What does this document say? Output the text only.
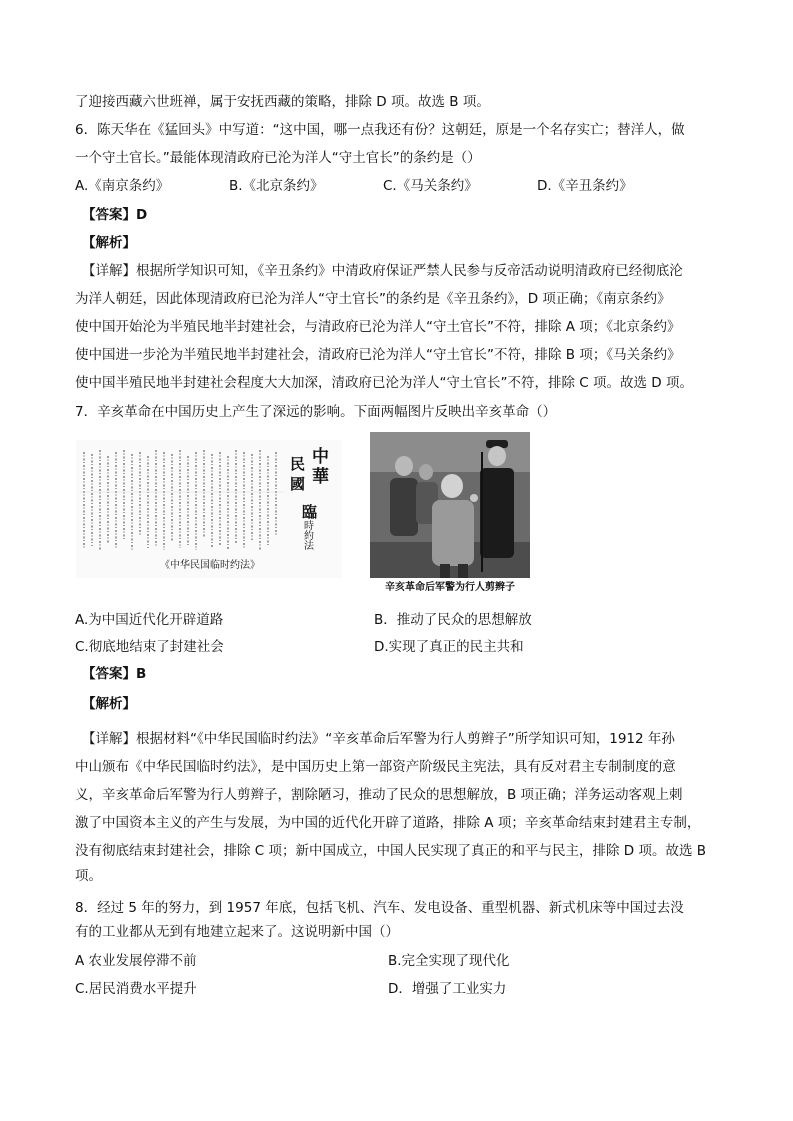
了迎接西藏六世班禅，属于安抚西藏的策略，排除 D 项。故选 B 项。
6．陈天华在《猛回头》中写道：“这中国，哪一点我还有份？这朝廷，原是一个名存实亡；替洋人，做
一个守土官长。”最能体现清政府已沦为洋人“守土官长”的条约是（）
A.《南京条约》	B.《北京条约》	C.《马关条约》	D.《辛丑条约》
【答案】D
【解析】
【详解】根据所学知识可知，《辛丑条约》中清政府保证严禁人民参与反帝活动说明清政府已经彻底沦
为洋人朝廷，因此体现清政府已沦为洋人“守土官长”的条约是《辛丑条约》，D 项正确；《南京条约》
使中国开始沦为半殖民地半封建社会，与清政府已沦为洋人“守土官长”不符，排除 A 项；《北京条约》
使中国进一步沦为半殖民地半封建社会，清政府已沦为洋人“守土官长”不符，排除 B 项；《马关条约》
使中国半殖民地半封建社会程度大大加深，清政府已沦为洋人“守土官长”不符，排除 C 项。故选 D 项。
7．辛亥革命在中国历史上产生了深远的影响。下面两幅图片反映出辛亥革命（）
中
華
民
國
臨
時
約
法
《中华民国临时约法》
辛亥革命后军警为行人剪辫子
A.为中国近代化开辟道路	B．推动了民众的思想解放
C.彻底地结束了封建社会	D.实现了真正的民主共和
【答案】B
【解析】
【详解】根据材料“《中华民国临时约法》“辛亥革命后军警为行人剪辫子”所学知识可知，1912 年孙
中山颁布《中华民国临时约法》，是中国历史上第一部资产阶级民主宪法，具有反对君主专制制度的意
义，辛亥革命后军警为行人剪辫子，割除陋习，推动了民众的思想解放，B 项正确；洋务运动客观上刺
激了中国资本主义的产生与发展，为中国的近代化开辟了道路，排除 A 项；辛亥革命结束封建君主专制，
没有彻底结束封建社会，排除 C 项；新中国成立，中国人民实现了真正的和平与民主，排除 D 项。故选 B
项。
8．经过 5 年的努力，到 1957 年底，包括飞机、汽车、发电设备、重型机器、新式机床等中国过去没
有的工业都从无到有地建立起来了。这说明新中国（）
A 农业发展停滞不前	B.完全实现了现代化
C.居民消费水平提升	D．增强了工业实力
